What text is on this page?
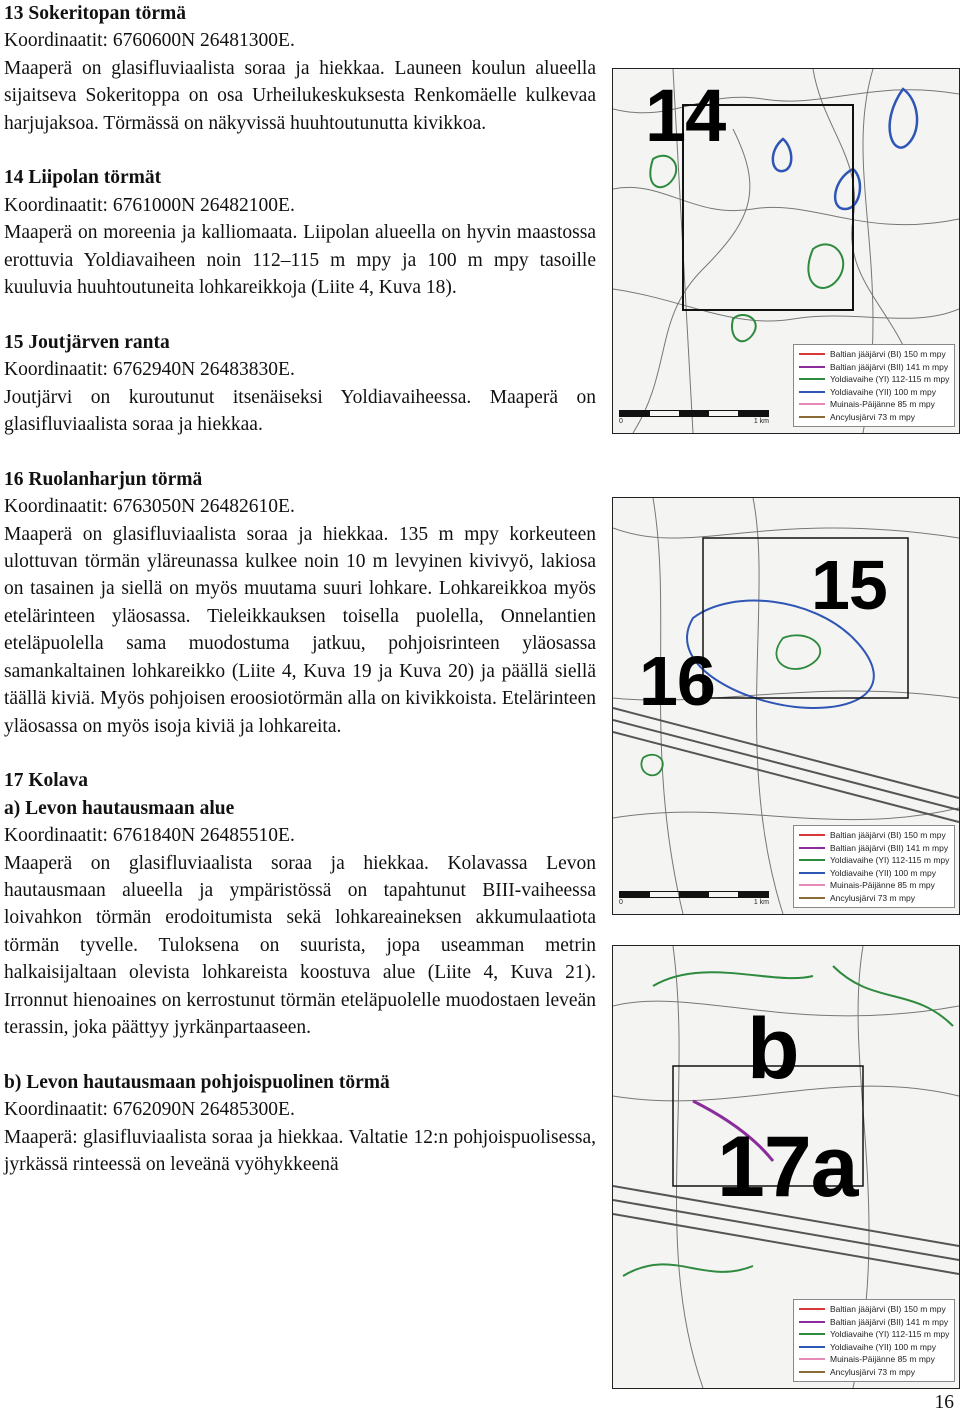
13 Sokeritopan törmä
Koordinaatit: 6760600N 26481300E.
Maaperä on glasifluviaalista soraa ja hiekkaa. Launeen koulun alueella sijaitseva Sokeritoppa on osa Urheilukeskuksesta Renkomäelle kulkevaa harjujaksoa. Törmässä on näkyvissä huuhtoutunutta kivikkoa.
14 Liipolan törmät
Koordinaatit: 6761000N 26482100E.
Maaperä on moreenia ja kalliomaata. Liipolan alueella on hyvin maastossa erottuvia Yoldiavaiheen noin 112–115 m mpy ja 100 m mpy tasoille kuuluvia huuhtoutuneita lohkareikkoja (Liite 4, Kuva 18).
15 Joutjärven ranta
Koordinaatit: 6762940N 26483830E.
Joutjärvi on kuroutunut itsenäiseksi Yoldiavaiheessa. Maaperä on glasifluviaalista soraa ja hiekkaa.
16 Ruolanharjun törmä
Koordinaatit: 6763050N 26482610E.
Maaperä on glasifluviaalista soraa ja hiekkaa. 135 m mpy korkeuteen ulottuvan törmän yläreunassa kulkee noin 10 m levyinen kivivyö, lakiosa on tasainen ja siellä on myös muutama suuri lohkare. Lohkareikkoa myös etelärinteen yläosassa. Tieleikkauksen toisella puolella, Onnelantien eteläpuolella sama muodostuma jatkuu, pohjoisrinteen yläosassa samankaltainen lohkareikko (Liite 4, Kuva 19 ja Kuva 20) ja päällä siellä täällä kiviä. Myös pohjoisen eroosiotörmän alla on kivikkoista. Etelärinteen yläosassa on myös isoja kiviä ja lohkareita.
17 Kolava
a) Levon hautausmaan alue
Koordinaatit: 6761840N 26485510E.
Maaperä on glasifluviaalista soraa ja hiekkaa. Kolavassa Levon hautausmaan alueella ja ympäristössä on tapahtunut BIII-vaiheessa loivahkon törmän erodoitumista sekä lohkareaineksen akkumulaatiota törmän tyvelle. Tuloksena on suurista, jopa useamman metrin halkaisijaltaan olevista lohkareista koostuva alue (Liite 4, Kuva 21). Irronnut hienoaines on kerrostunut törmän eteläpuolelle muodostaen leveän terassin, joka päättyy jyrkänpartaaseen.
b) Levon hautausmaan pohjoispuolinen törmä
Koordinaatit: 6762090N 26485300E.
Maaperä: glasifluviaalista soraa ja hiekkaa. Valtatie 12:n pohjoispuolisessa, jyrkässä rinteessä on leveänä vyöhykkeenä
14
0	1 km
Baltian jääjärvi (BI) 150 m mpy
Baltian jääjärvi (BII) 141 m mpy
Yoldiavaihe (YI) 112-115 m mpy
Yoldiavaihe (YII) 100 m mpy
Muinais-Päijänne 85 m mpy
Ancylusjärvi 73 m mpy
15
16
0	1 km
Baltian jääjärvi (BI) 150 m mpy
Baltian jääjärvi (BII) 141 m mpy
Yoldiavaihe (YI) 112-115 m mpy
Yoldiavaihe (YII) 100 m mpy
Muinais-Päijänne 85 m mpy
Ancylusjärvi 73 m mpy
b
17a
Baltian jääjärvi (BI) 150 m mpy
Baltian jääjärvi (BII) 141 m mpy
Yoldiavaihe (YI) 112-115 m mpy
Yoldiavaihe (YII) 100 m mpy
Muinais-Päijänne 85 m mpy
Ancylusjärvi 73 m mpy
16
